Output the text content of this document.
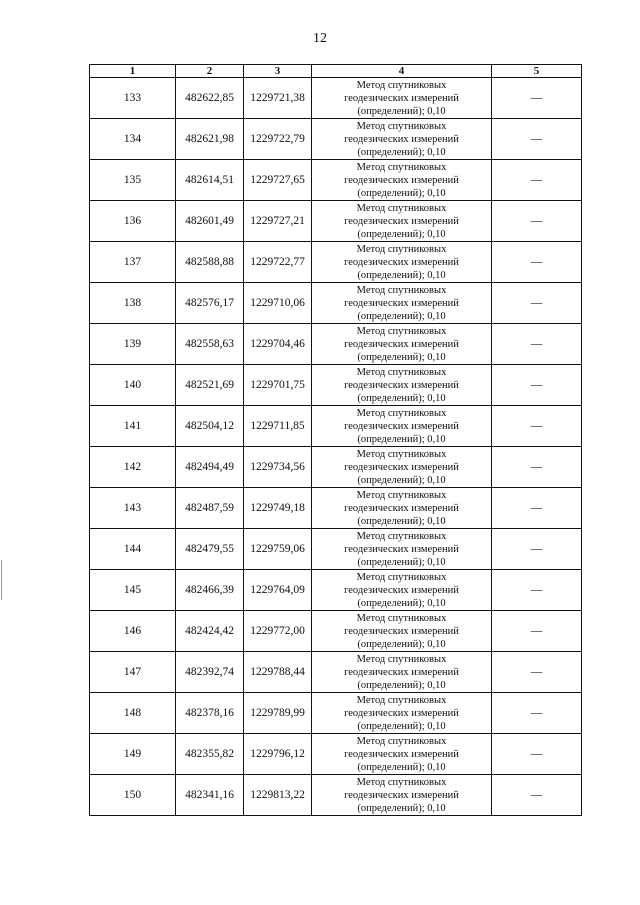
12
1	2	3	4	5
133	482622,85	1229721,38	Метод спутниковых
геодезических измерений
(определений); 0,10	—
134	482621,98	1229722,79	Метод спутниковых
геодезических измерений
(определений); 0,10	—
135	482614,51	1229727,65	Метод спутниковых
геодезических измерений
(определений); 0,10	—
136	482601,49	1229727,21	Метод спутниковых
геодезических измерений
(определений); 0,10	—
137	482588,88	1229722,77	Метод спутниковых
геодезических измерений
(определений); 0,10	—
138	482576,17	1229710,06	Метод спутниковых
геодезических измерений
(определений); 0,10	—
139	482558,63	1229704,46	Метод спутниковых
геодезических измерений
(определений); 0,10	—
140	482521,69	1229701,75	Метод спутниковых
геодезических измерений
(определений); 0,10	—
141	482504,12	1229711,85	Метод спутниковых
геодезических измерений
(определений); 0,10	—
142	482494,49	1229734,56	Метод спутниковых
геодезических измерений
(определений); 0,10	—
143	482487,59	1229749,18	Метод спутниковых
геодезических измерений
(определений); 0,10	—
144	482479,55	1229759,06	Метод спутниковых
геодезических измерений
(определений); 0,10	—
145	482466,39	1229764,09	Метод спутниковых
геодезических измерений
(определений); 0,10	—
146	482424,42	1229772,00	Метод спутниковых
геодезических измерений
(определений); 0,10	—
147	482392,74	1229788,44	Метод спутниковых
геодезических измерений
(определений); 0,10	—
148	482378,16	1229789,99	Метод спутниковых
геодезических измерений
(определений); 0,10	—
149	482355,82	1229796,12	Метод спутниковых
геодезических измерений
(определений); 0,10	—
150	482341,16	1229813,22	Метод спутниковых
геодезических измерений
(определений); 0,10	—
